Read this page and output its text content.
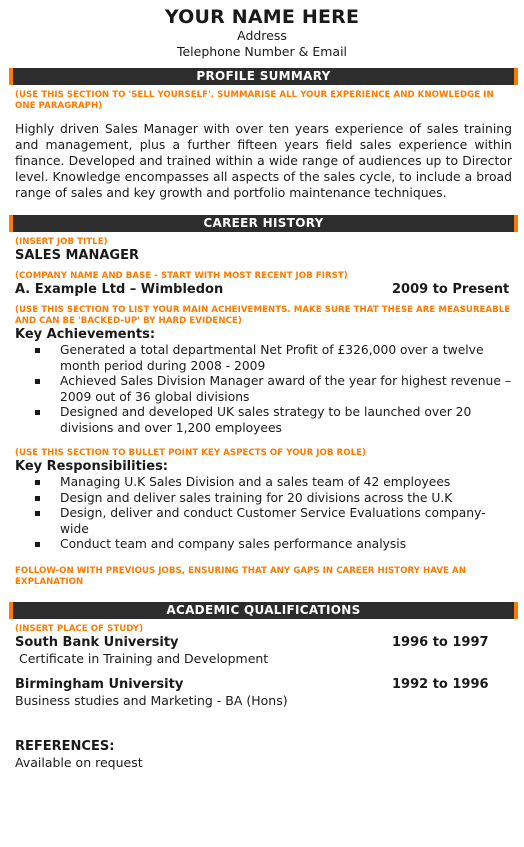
YOUR NAME HERE
Address
Telephone Number & Email
PROFILE SUMMARY
(USE THIS SECTION TO 'SELL YOURSELF'. SUMMARISE ALL YOUR EXPERIENCE AND KNOWLEDGE IN ONE PARAGRAPH)
Highly driven Sales Manager with over ten years experience of sales training and management, plus a further fifteen years field sales experience within finance. Developed and trained within a wide range of audiences up to Director level. Knowledge encompasses all aspects of the sales cycle, to include a broad range of sales and key growth and portfolio maintenance techniques.
CAREER HISTORY
(INSERT JOB TITLE)
SALES MANAGER
(COMPANY NAME AND BASE - START WITH MOST RECENT JOB FIRST)
A. Example Ltd – Wimbledon	2009 to Present
(USE THIS SECTION TO LIST YOUR MAIN ACHEIVEMENTS. MAKE SURE THAT THESE ARE MEASUREABLE AND CAN BE 'BACKED-UP' BY HARD EVIDENCE)
Key Achievements:
Generated a total departmental Net Profit of £326,000 over a twelve month period during 2008 - 2009
Achieved Sales Division Manager award of the year for highest revenue – 2009 out of 36 global divisions
Designed and developed UK sales strategy to be launched over 20 divisions and over 1,200 employees
(USE THIS SECTION TO BULLET POINT KEY ASPECTS OF YOUR JOB ROLE)
Key Responsibilities:
Managing U.K Sales Division and a sales team of 42 employees
Design and deliver sales training for 20 divisions across the U.K
Design, deliver and conduct Customer Service Evaluations company-wide
Conduct team and company sales performance analysis
FOLLOW-ON WITH PREVIOUS JOBS, ENSURING THAT ANY GAPS IN CAREER HISTORY HAVE AN EXPLANATION
ACADEMIC QUALIFICATIONS
(INSERT PLACE OF STUDY)
South Bank University	1996 to 1997
Certificate in Training and Development
Birmingham University	1992 to 1996
Business studies and Marketing - BA (Hons)
REFERENCES:
Available on request
